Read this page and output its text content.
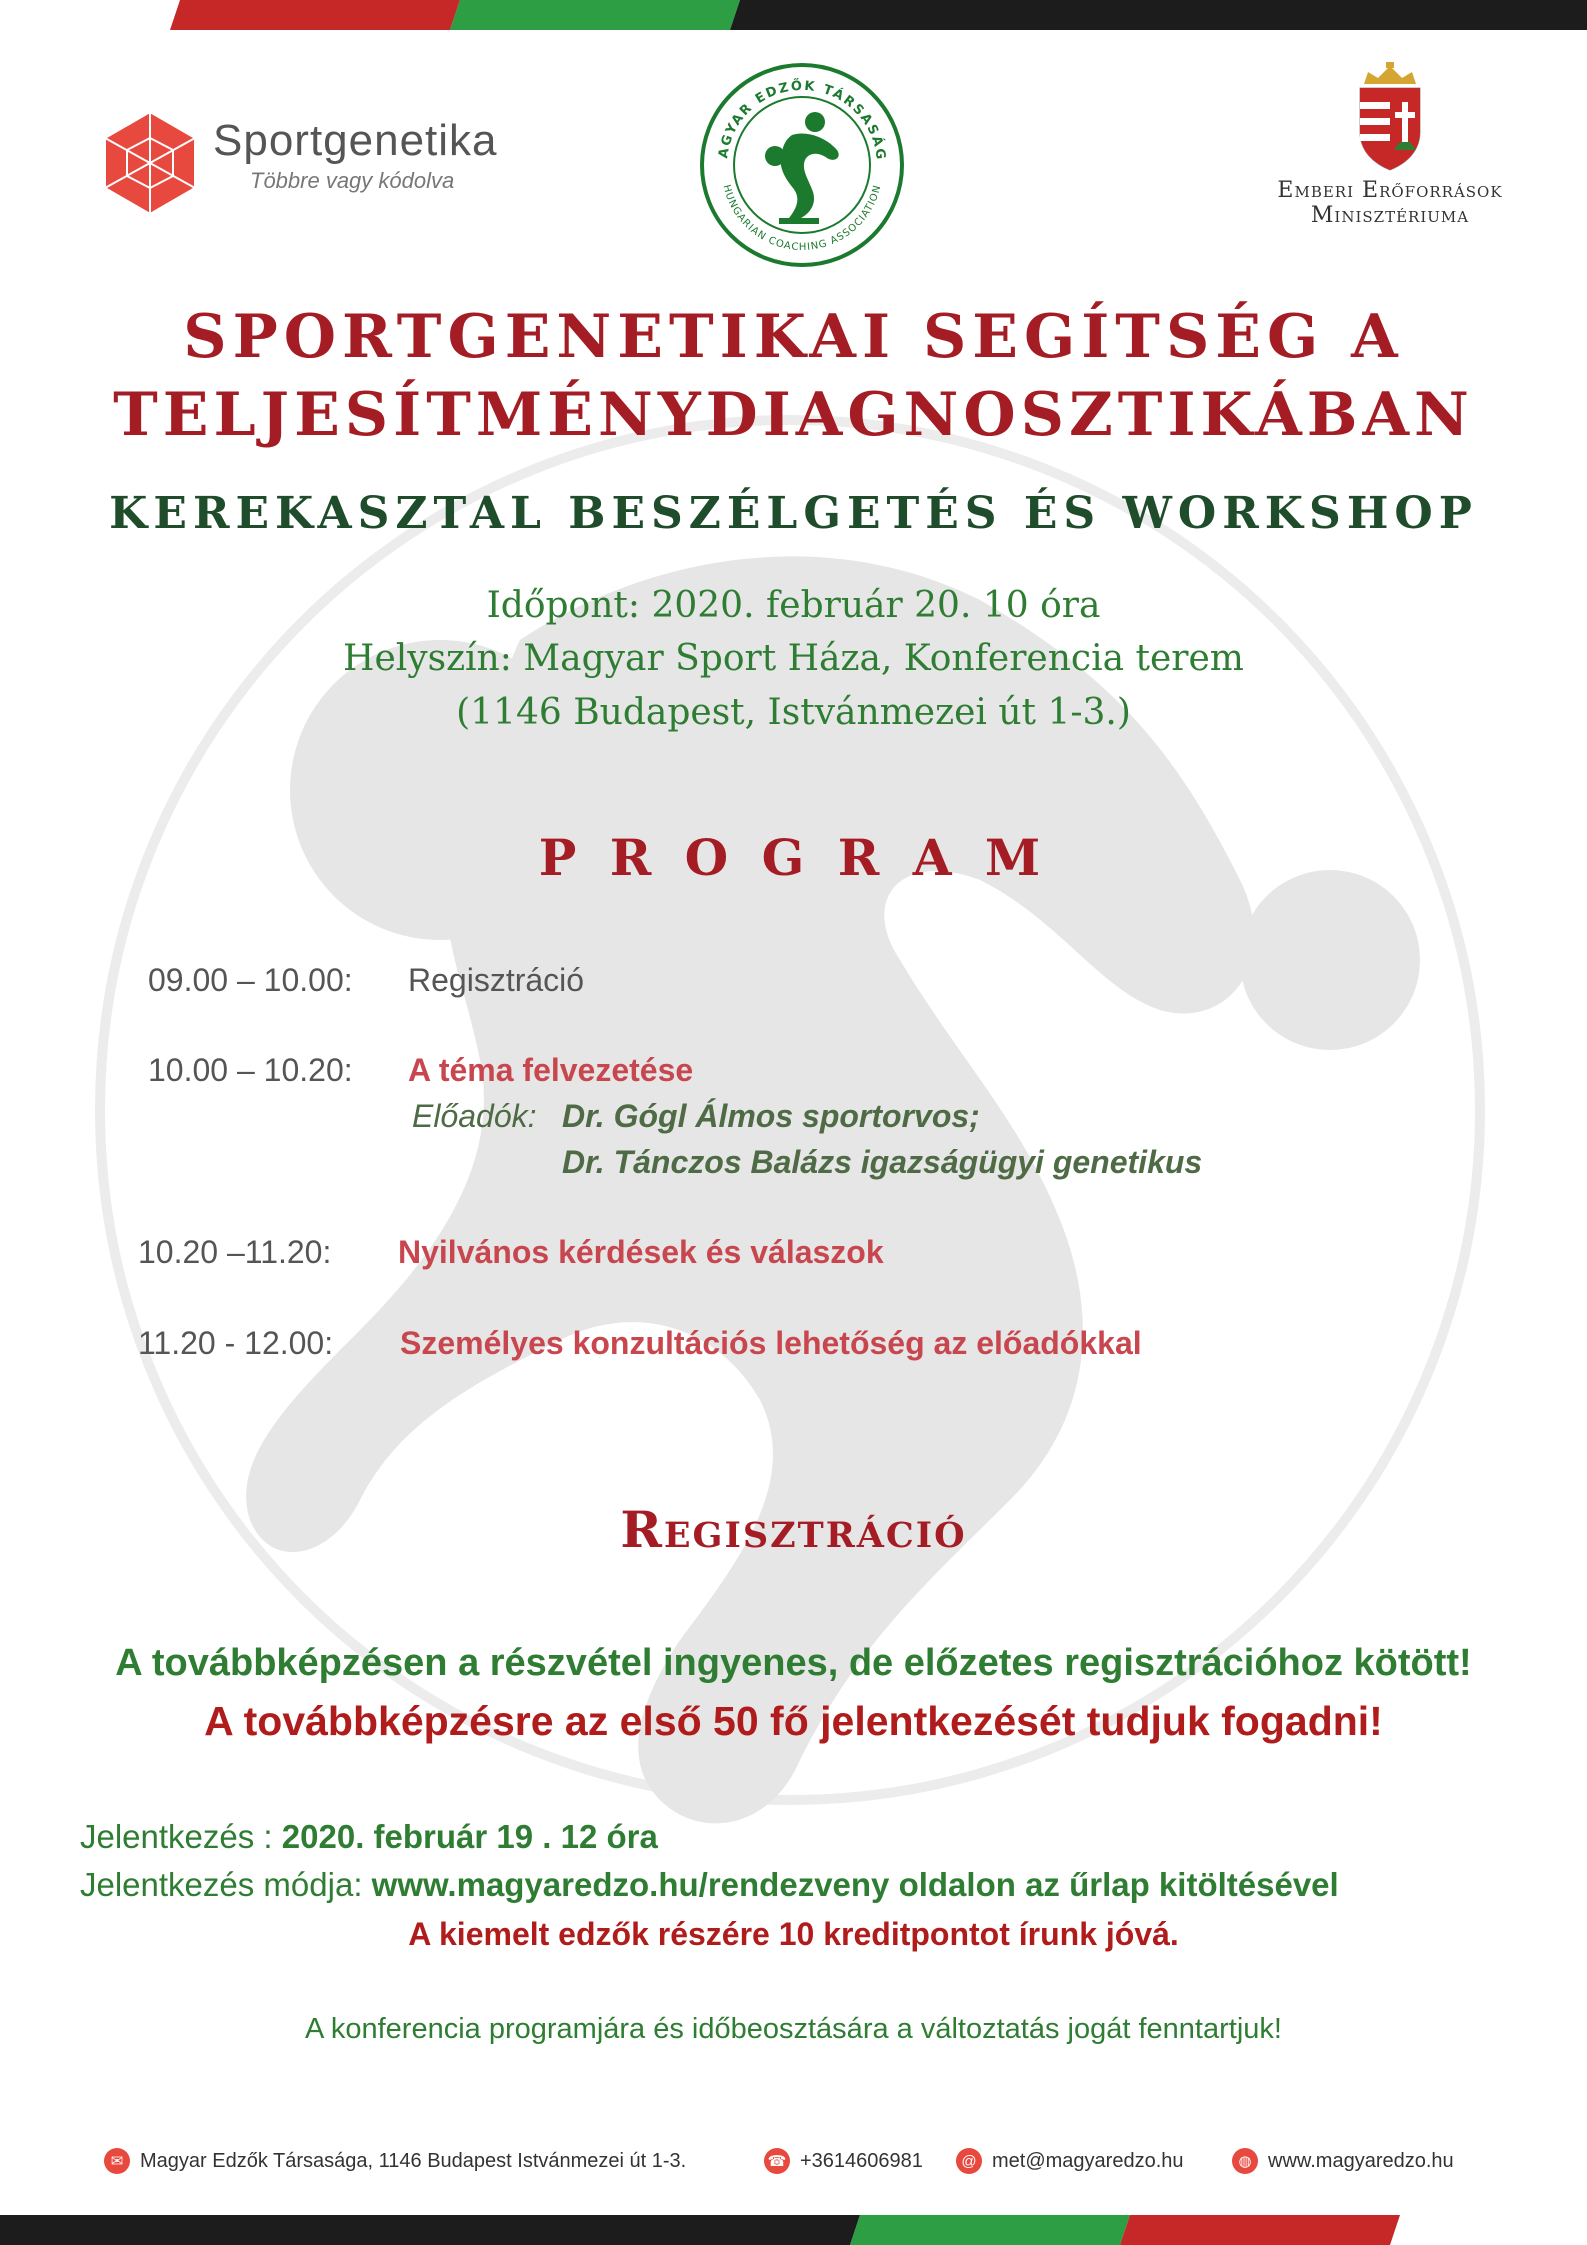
Sportgenetika
Többre vagy kódolva
AGYAR EDZŐK TÁRSASÁG
HUNGARIAN COACHING ASSOCIATION	Emberi Erőforrások
Minisztériuma
SPORTGENETIKAI SEGÍTSÉG A
TELJESÍTMÉNYDIAGNOSZTIKÁBAN
KEREKASZTAL BESZÉLGETÉS ÉS WORKSHOP
Időpont: 2020. február 20. 10 óra
Helyszín: Magyar Sport Háza, Konferencia terem
(1146 Budapest, Istvánmezei út 1-3.)
P R O G R A M
09.00 – 10.00: Regisztráció
10.00 – 10.20: A téma felvezetése
Előadók: Dr. Gógl Álmos sportorvos;
Dr. Tánczos Balázs igazságügyi genetikus
10.20 –11.20: Nyilvános kérdések és válaszok
11.20 - 12.00: Személyes konzultációs lehetőség az előadókkal
Regisztráció
A továbbképzésen a részvétel ingyenes, de előzetes regisztrációhoz kötött!
A továbbképzésre az első 50 fő jelentkezését tudjuk fogadni!
Jelentkezés : 2020. február 19 . 12 óra
Jelentkezés módja: www.magyaredzo.hu/rendezveny oldalon az űrlap kitöltésével
A kiemelt edzők részére 10 kreditpontot írunk jóvá.
A konferencia programjára és időbeosztására a változtatás jogát fenntartjuk!
✉ Magyar Edzők Társasága, 1146 Budapest Istvánmezei út 1-3.	☎ +3614606981	@ met@magyaredzo.hu	◍ www.magyaredzo.hu
